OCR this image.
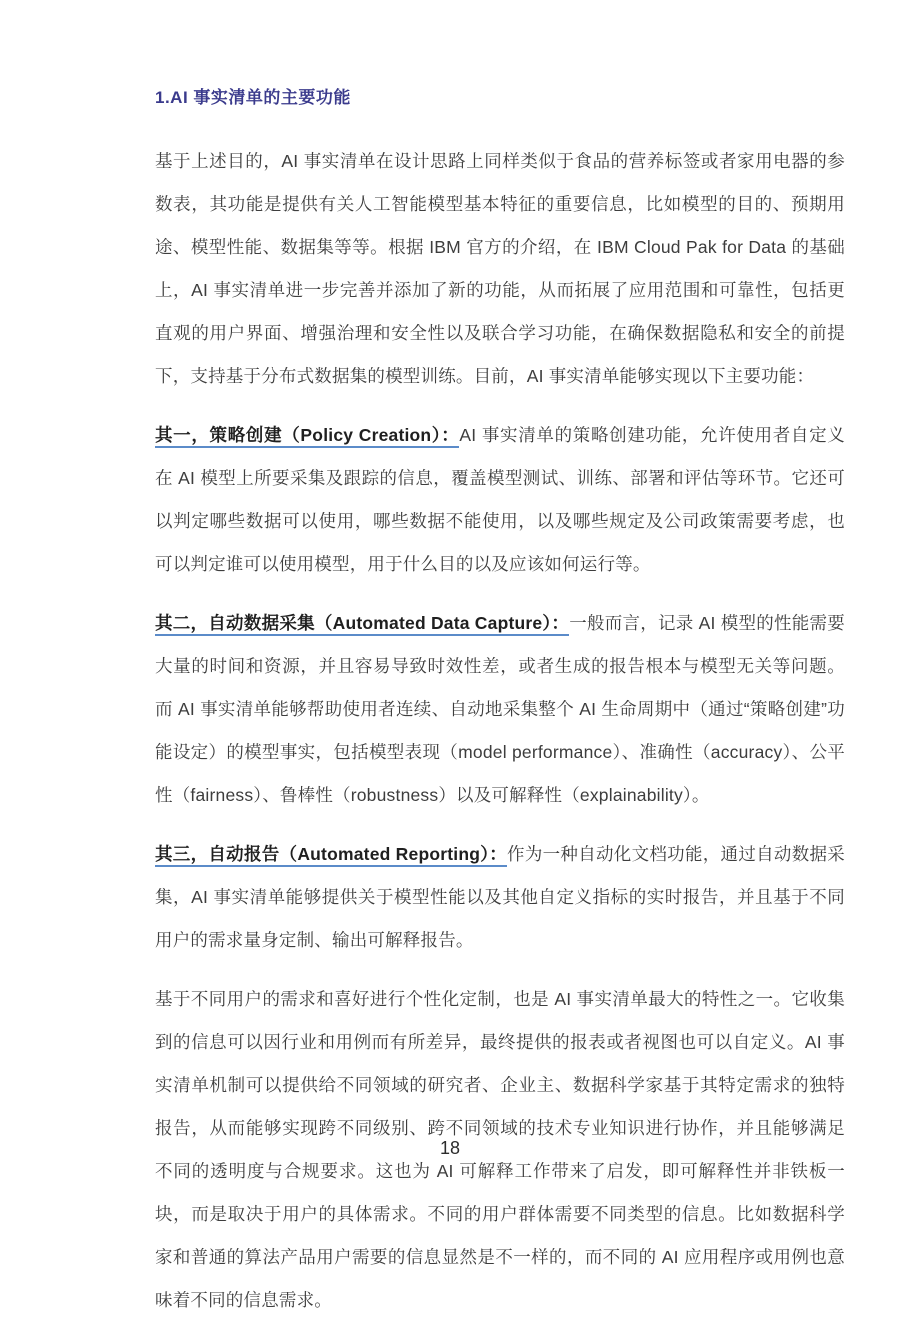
1.AI 事实清单的主要功能

基于上述目的，AI 事实清单在设计思路上同样类似于食品的营养标签或者家用电器的参数表，其功能是提供有关人工智能模型基本特征的重要信息，比如模型的目的、预期用途、模型性能、数据集等等。根据 IBM 官方的介绍，在 IBM Cloud Pak for Data 的基础上，AI 事实清单进一步完善并添加了新的功能，从而拓展了应用范围和可靠性，包括更直观的用户界面、增强治理和安全性以及联合学习功能，在确保数据隐私和安全的前提下，支持基于分布式数据集的模型训练。目前，AI 事实清单能够实现以下主要功能：

其一，策略创建（Policy Creation）：AI 事实清单的策略创建功能，允许使用者自定义在 AI 模型上所要采集及跟踪的信息，覆盖模型测试、训练、部署和评估等环节。它还可以判定哪些数据可以使用，哪些数据不能使用，以及哪些规定及公司政策需要考虑，也可以判定谁可以使用模型，用于什么目的以及应该如何运行等。

其二，自动数据采集（Automated Data Capture）：一般而言，记录 AI 模型的性能需要大量的时间和资源，并且容易导致时效性差，或者生成的报告根本与模型无关等问题。而 AI 事实清单能够帮助使用者连续、自动地采集整个 AI 生命周期中（通过“策略创建”功能设定）的模型事实，包括模型表现（model performance）、准确性（accuracy）、公平性（fairness）、鲁棒性（robustness）以及可解释性（explainability）。

其三，自动报告（Automated Reporting）：作为一种自动化文档功能，通过自动数据采集，AI 事实清单能够提供关于模型性能以及其他自定义指标的实时报告，并且基于不同用户的需求量身定制、输出可解释报告。

基于不同用户的需求和喜好进行个性化定制，也是 AI 事实清单最大的特性之一。它收集到的信息可以因行业和用例而有所差异，最终提供的报表或者视图也可以自定义。AI 事实清单机制可以提供给不同领域的研究者、企业主、数据科学家基于其特定需求的独特报告，从而能够实现跨不同级别、跨不同领域的技术专业知识进行协作，并且能够满足不同的透明度与合规要求。这也为 AI 可解释工作带来了启发，即可解释性并非铁板一块，而是取决于用户的具体需求。不同的用户群体需要不同类型的信息。比如数据科学家和普通的算法产品用户需要的信息显然是不一样的，而不同的 AI 应用程序或用例也意味着不同的信息需求。

18
